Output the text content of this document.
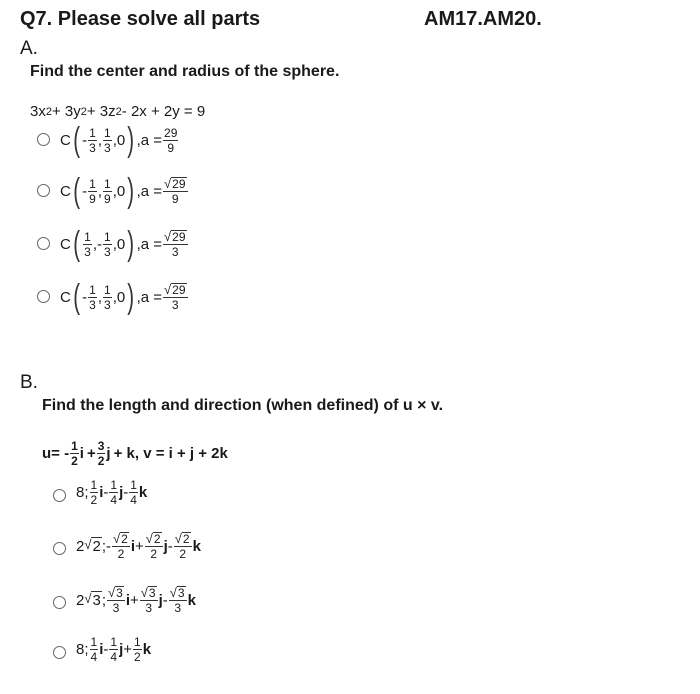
Q7. Please solve all parts	AM17.AM20.
A.
Find the center and radius of the sphere.
3x 2 + 3y 2 + 3z 2 - 2x + 2y = 9
C ( - $\frac{1}{3}$ , $\frac{1}{3}$ , 0 ) , $a = \frac{29}{9}$
C ( - $\frac{1}{9}$ , $\frac{1}{9}$ , 0 ) , $a = \frac{√ 29}{9}$
C ( $\frac{1}{3}$ , - $\frac{1}{3}$ , 0 ) , $a = \frac{√ 29}{3}$
C ( - $\frac{1}{3}$ , $\frac{1}{3}$ , 0 ) , $a = \frac{√ 29}{3}$
B.
Find the length and direction (when defined) of u × v.
u = - $\frac{1}{2}$ $i + \frac{3}{2}$ j + k, v = i + j + 2k
8; $\frac{1}{2}$ i - $\frac{1}{4}$ j - $\frac{1}{4}$ k
2 √ 2 ; - $\frac{√ 2}{2}$ $i + \frac{√ 2}{2}$ j - $\frac{√ 2}{2}$ k
2 √ 3 ; $\frac{√ 3}{3}$ $i + \frac{√ 3}{3}$ j - $\frac{√ 3}{3}$ k
8; $\frac{1}{4}$ i - $\frac{1}{4}$ $j + \frac{1}{2}$ k
